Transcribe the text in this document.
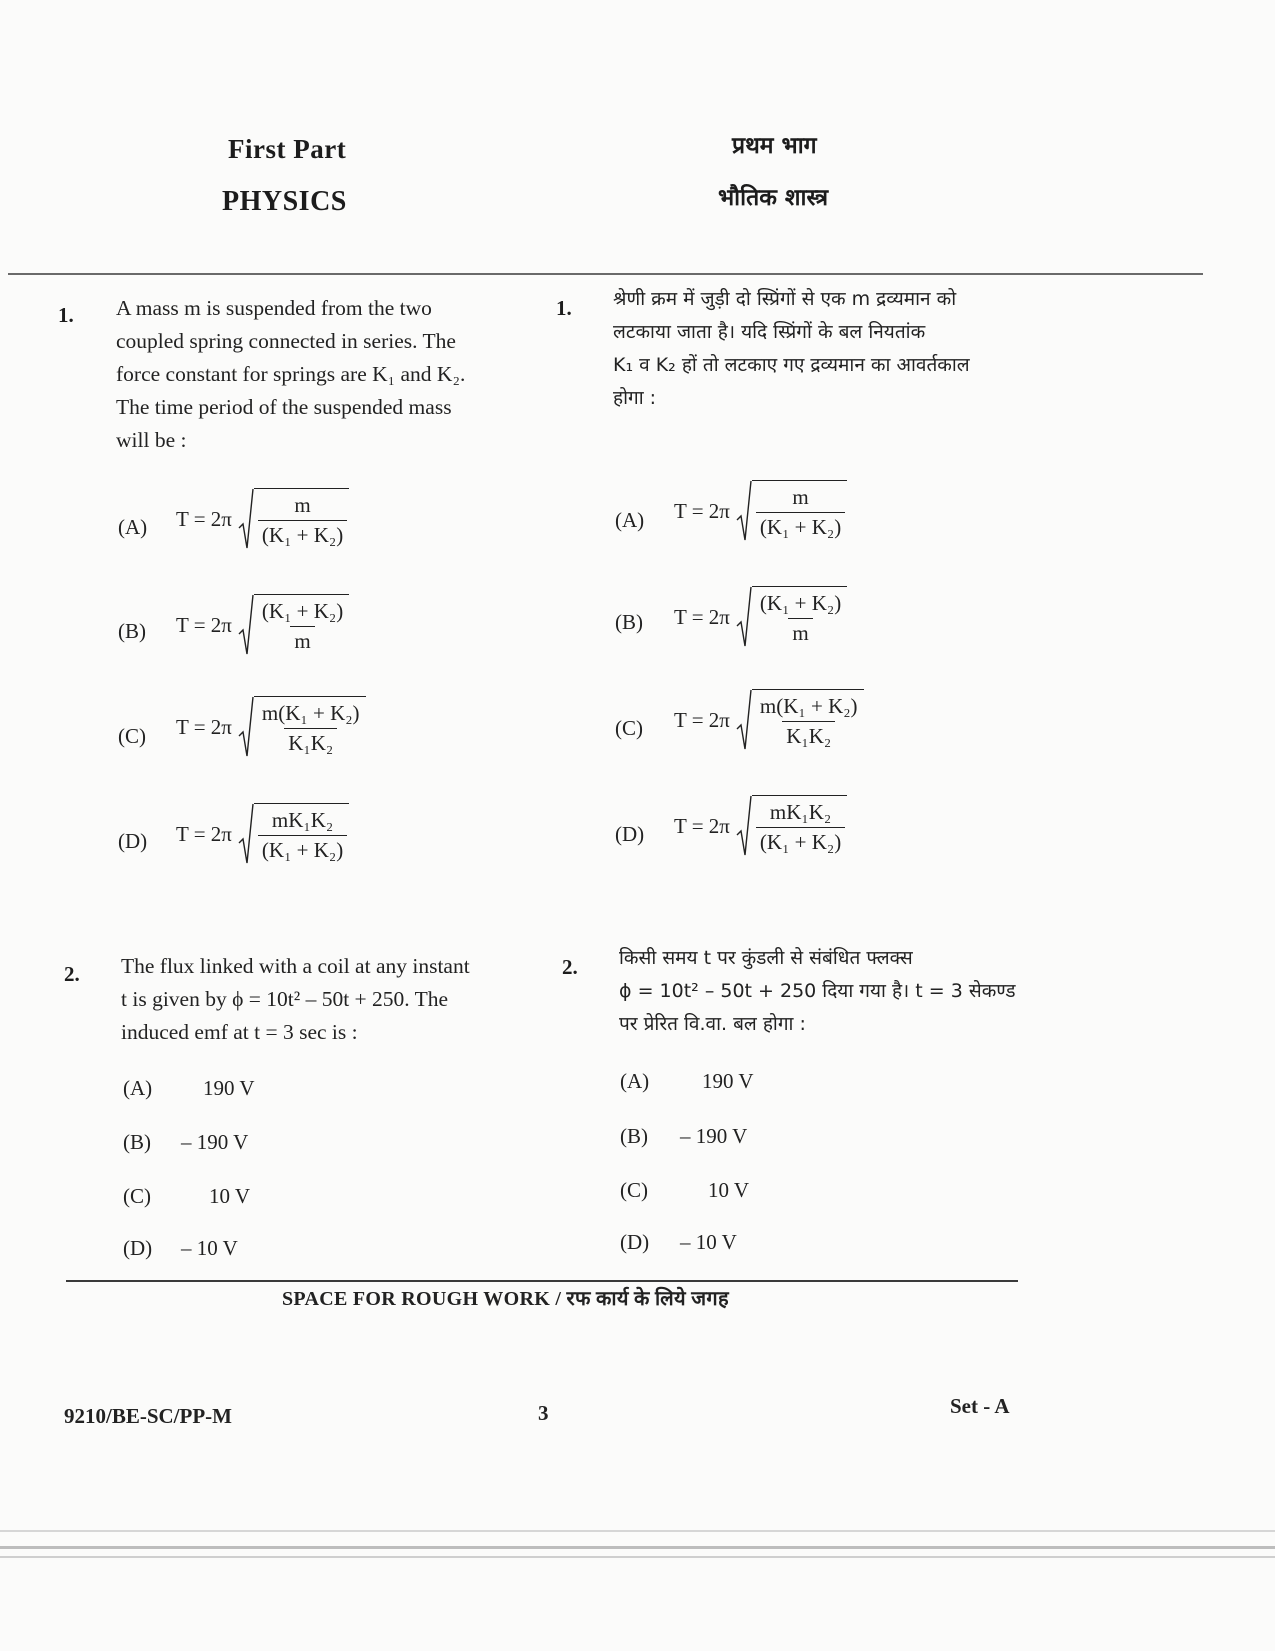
First Part
PHYSICS
प्रथम भाग
भौतिक शास्त्र
1. A mass m is suspended from the two
coupled spring connected in series. The
force constant for springs are K₁ and K₂.
The time period of the suspended mass
will be :
1. श्रेणी क्रम में जुड़ी दो स्प्रिंगों से एक m द्रव्यमान को
लटकाया जाता है। यदि स्प्रिंगों के बल नियतांक
K₁ व K₂ हों तो लटकाए गए द्रव्यमान का आवर्तकाल
होगा :
(A) $T = 2\pi \frac{m}{\text{(K₁ + K₂)}}$
(B) $T = 2\pi \frac{\text{(K₁ + K₂)}}{m}$
(C) $T = 2\pi \frac{\text{m(K₁ + K₂)}}{\text{K₁K₂}}$
(D) $T = 2\pi \frac{\text{mK₁K₂}}{\text{(K₁ + K₂)}}$
(A) $T = 2\pi \frac{m}{\text{(K₁ + K₂)}}$
(B) $T = 2\pi \frac{\text{(K₁ + K₂)}}{m}$
(C) $T = 2\pi \frac{\text{m(K₁ + K₂)}}{\text{K₁K₂}}$
(D) $T = 2\pi \frac{\text{mK₁K₂}}{\text{(K₁ + K₂)}}$
2. The flux linked with a coil at any instant
t is given by ϕ = 10t² – 50t + 250. The
induced emf at t = 3 sec is :
2. किसी समय t पर कुंडली से संबंधित फ्लक्स
ϕ = 10t² – 50t + 250 दिया गया है। t = 3 सेकण्ड
पर प्रेरित वि.वा. बल होगा :
(A) 190 V
(B) – 190 V
(C)	10 V
(D) – 10 V
(A)	190 V
(B) – 190 V
(C)	10 V
(D) – 10 V
SPACE FOR ROUGH WORK / रफ कार्य के लिये जगह
9210/BE-SC/PP-M	3	Set - A
